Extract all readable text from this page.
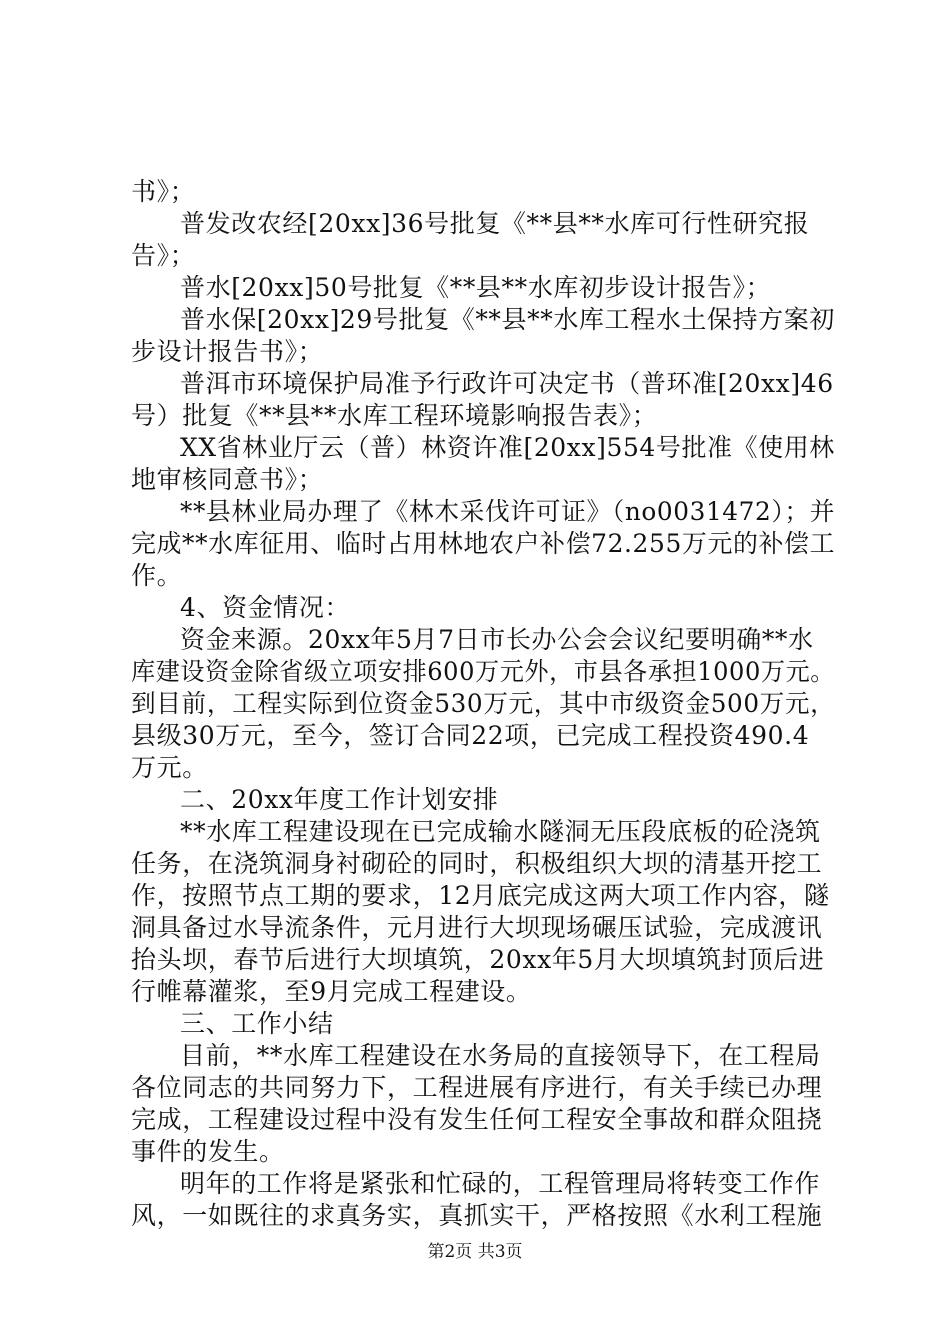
书》；
普发改农经[20xx]36号批复《**县**水库可行性研究报
告》；
普水[20xx]50号批复《**县**水库初步设计报告》；
普水保[20xx]29号批复《**县**水库工程水土保持方案初
步设计报告书》；
普洱市环境保护局准予行政许可决定书（普环准[20xx]46
号）批复《**县**水库工程环境影响报告表》；
XX省林业厅云（普）林资许准[20xx]554号批准《使用林
地审核同意书》；
**县林业局办理了《林木采伐许可证》（no0031472）；并
完成**水库征用、临时占用林地农户补偿72.255万元的补偿工
作。
4、资金情况：
资金来源。20xx年5月7日市长办公会会议纪要明确**水
库建设资金除省级立项安排600万元外，市县各承担1000万元。
到目前，工程实际到位资金530万元，其中市级资金500万元，
县级30万元，至今，签订合同22项，已完成工程投资490.4
万元。
二、20xx年度工作计划安排
**水库工程建设现在已完成输水隧洞无压段底板的砼浇筑
任务，在浇筑洞身衬砌砼的同时，积极组织大坝的清基开挖工
作，按照节点工期的要求，12月底完成这两大项工作内容，隧
洞具备过水导流条件，元月进行大坝现场碾压试验，完成渡讯
抬头坝，春节后进行大坝填筑，20xx年5月大坝填筑封顶后进
行帷幕灌浆，至9月完成工程建设。
三、工作小结
目前，**水库工程建设在水务局的直接领导下，在工程局
各位同志的共同努力下，工程进展有序进行，有关手续已办理
完成，工程建设过程中没有发生任何工程安全事故和群众阻挠
事件的发生。
明年的工作将是紧张和忙碌的，工程管理局将转变工作作
风，一如既往的求真务实，真抓实干，严格按照《水利工程施
第2页 共3页
